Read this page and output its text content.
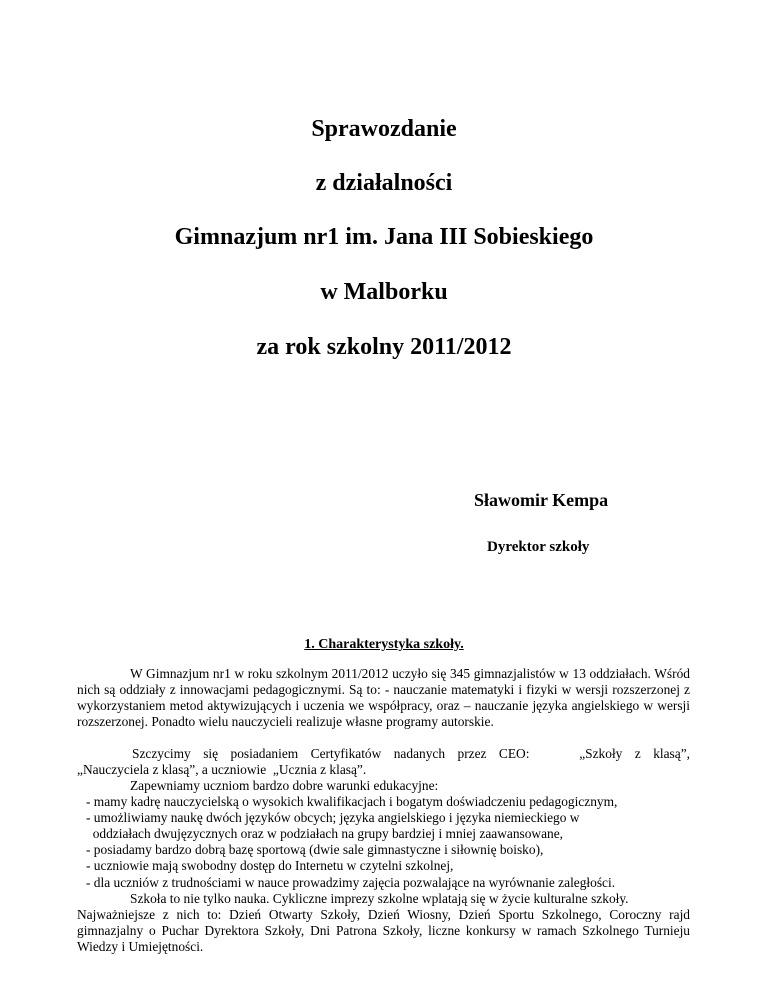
Sprawozdanie
z działalności
Gimnazjum nr1 im. Jana III Sobieskiego
w Malborku
za rok szkolny 2011/2012
Sławomir Kempa
Dyrektor szkoły
1. Charakterystyka szkoły.

W Gimnazjum nr1 w roku szkolnym 2011/2012 uczyło się 345 gimnazjalistów w 13 oddziałach. Wśród nich są oddziały z innowacjami pedagogicznymi. Są to: - nauczanie matematyki i fizyki w wersji rozszerzonej z wykorzystaniem metod aktywizujących i uczenia we współpracy, oraz – nauczanie języka angielskiego w wersji rozszerzonej. Ponadto wielu nauczycieli realizuje własne programy autorskie.

Szczycimy się posiadaniem Certyfikatów nadanych przez CEO:    „Szkoły z klasą”,

„Nauczyciela z klasą”, a uczniowie  „Ucznia z klasą”.

Zapewniamy uczniom bardzo dobre warunki edukacyjne:

- mamy kadrę nauczycielską o wysokich kwalifikacjach i bogatym doświadczeniu pedagogicznym,

- umożliwiamy naukę dwóch języków obcych; języka angielskiego i języka niemieckiego w

oddziałach dwujęzycznych oraz w podziałach na grupy bardziej i mniej zaawansowane,

- posiadamy bardzo dobrą bazę sportową (dwie sale gimnastyczne i siłownię boisko),

- uczniowie mają swobodny dostęp do Internetu w czytelni szkolnej,

- dla uczniów z trudnościami w nauce prowadzimy zajęcia pozwalające na wyrównanie zaległości.

Szkoła to nie tylko nauka. Cykliczne imprezy szkolne wplatają się w życie kulturalne szkoły.

Najważniejsze z nich to: Dzień Otwarty Szkoły, Dzień Wiosny, Dzień Sportu Szkolnego, Coroczny rajd gimnazjalny o Puchar Dyrektora Szkoły, Dni Patrona Szkoły, liczne konkursy w ramach Szkolnego Turnieju Wiedzy i Umiejętności.
